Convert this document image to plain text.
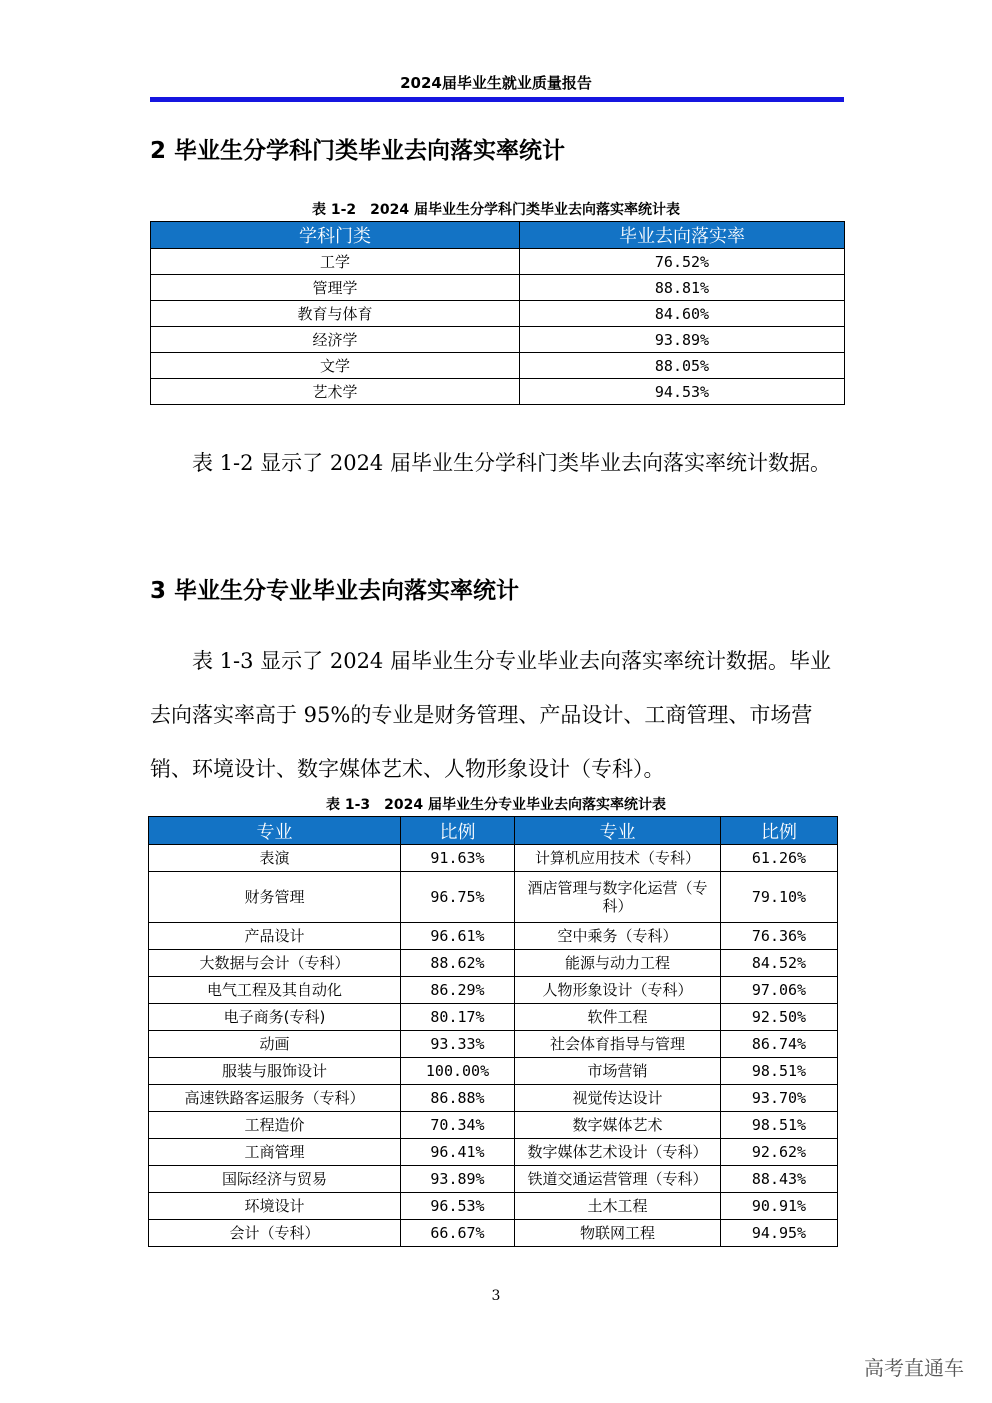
2024届毕业生就业质量报告
2 毕业生分学科门类毕业去向落实率统计
表 1-2　2024 届毕业生分学科门类毕业去向落实率统计表
学科门类	毕业去向落实率
工学	76.52%
管理学	88.81%
教育与体育	84.60%
经济学	93.89%
文学	88.05%
艺术学	94.53%

表 1-2 显示了 2024 届毕业生分学科门类毕业去向落实率统计数据。

3 毕业生分专业毕业去向落实率统计

表 1-3 显示了 2024 届毕业生分专业毕业去向落实率统计数据。毕业去向落实率高于 95%的专业是财务管理、产品设计、工商管理、市场营销、环境设计、数字媒体艺术、人物形象设计（专科）。

表 1-3　2024 届毕业生分专业毕业去向落实率统计表
专业	比例	专业	比例
表演	91.63%	计算机应用技术（专科）	61.26%
财务管理	96.75%	酒店管理与数字化运营（专科）	79.10%
产品设计	96.61%	空中乘务（专科）	76.36%
大数据与会计（专科）	88.62%	能源与动力工程	84.52%
电气工程及其自动化	86.29%	人物形象设计（专科）	97.06%
电子商务(专科)	80.17%	软件工程	92.50%
动画	93.33%	社会体育指导与管理	86.74%
服装与服饰设计	100.00%	市场营销	98.51%
高速铁路客运服务（专科）	86.88%	视觉传达设计	93.70%
工程造价	70.34%	数字媒体艺术	98.51%
工商管理	96.41%	数字媒体艺术设计（专科）	92.62%
国际经济与贸易	93.89%	铁道交通运营管理（专科）	88.43%
环境设计	96.53%	土木工程	90.91%
会计（专科）	66.67%	物联网工程	94.95%
3
高考直通车
